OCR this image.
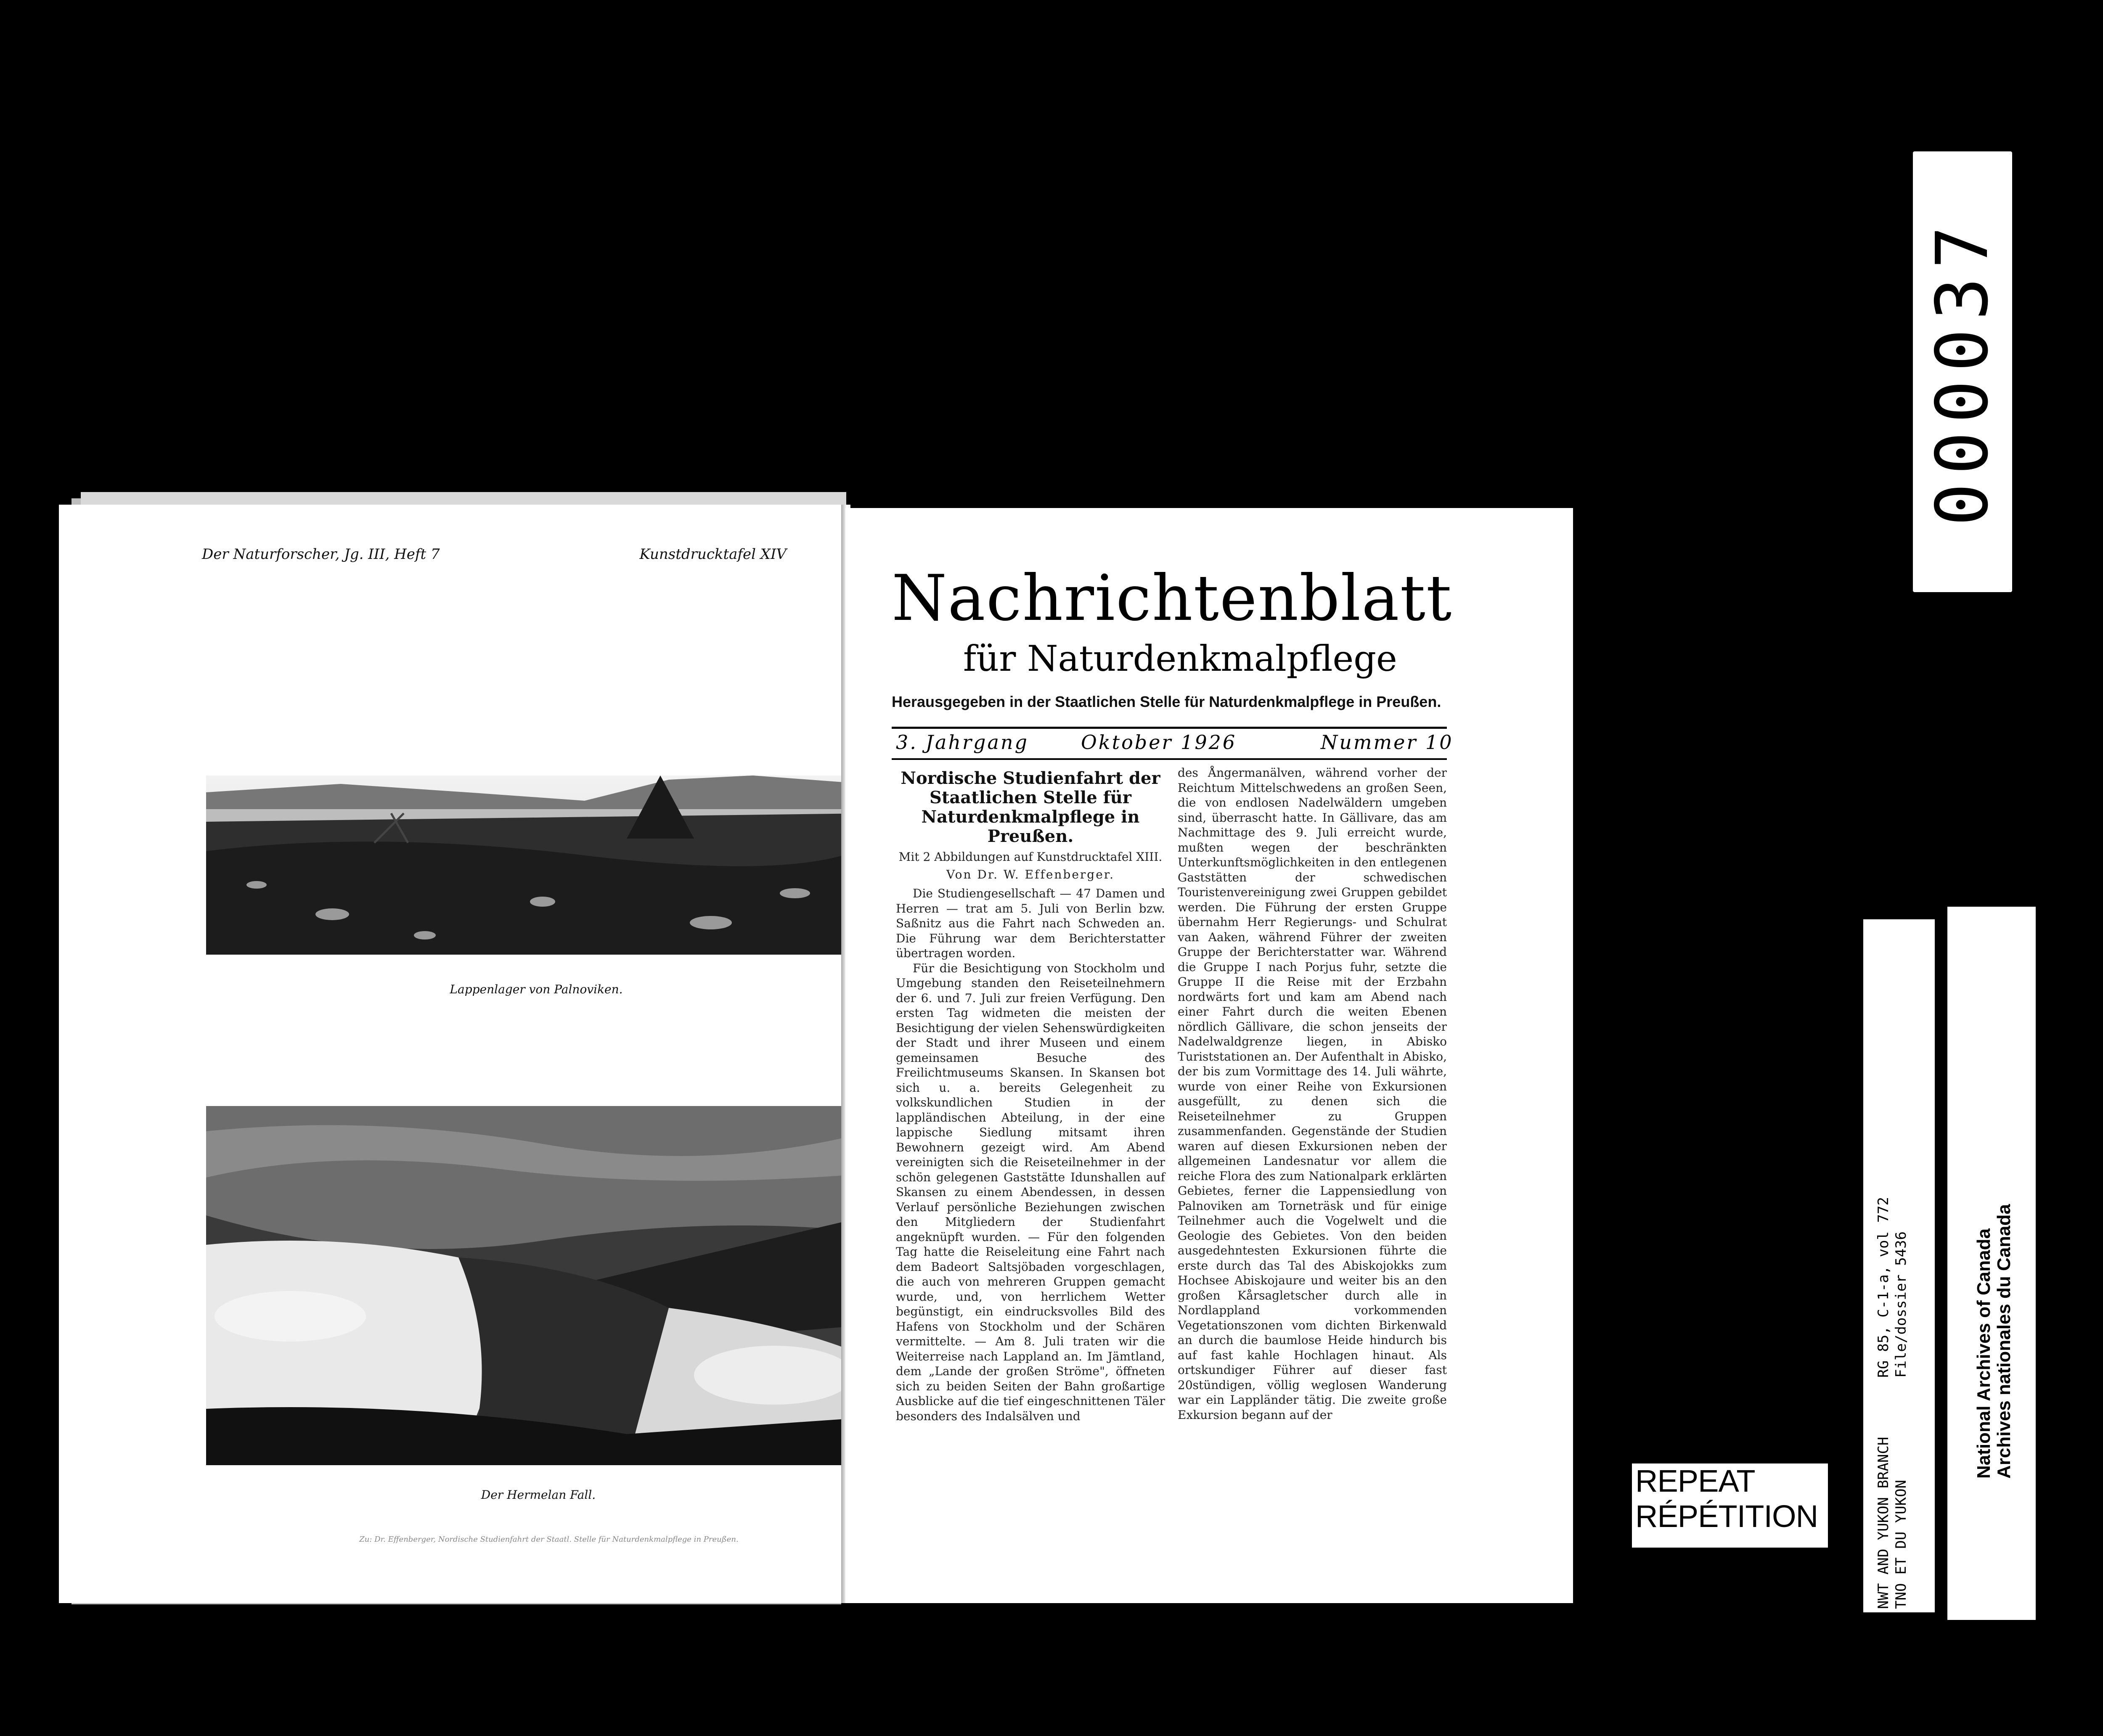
Der Naturforscher, Jg. III, Heft 7	Kunstdrucktafel XIV
Lappenlager von Palnoviken.
Der Hermelan Fall.
Zu: Dr. Effenberger, Nordische Studienfahrt der Staatl. Stelle für Naturdenkmalpflege in Preußen.
Nachrichtenblatt
für Naturdenkmalpflege
Herausgegeben in der Staatlichen Stelle für Naturdenkmalpflege in Preußen.
3. Jahrgang	Oktober 1926	Nummer 10

Nordische Studienfahrt der Staatlichen Stelle für Naturdenkmalpflege in Preußen.

Mit 2 Abbildungen auf Kunstdrucktafel XIII.

Von Dr. W. Effenberger.

Die Studiengesellschaft — 47 Damen und Herren — trat am 5. Juli von Berlin bzw. Saßnitz aus die Fahrt nach Schweden an. Die Führung war dem Berichterstatter übertragen worden.

Für die Besichtigung von Stockholm und Umgebung standen den Reiseteilnehmern der 6. und 7. Juli zur freien Verfügung. Den ersten Tag widmeten die meisten der Besichtigung der vielen Sehenswürdigkeiten der Stadt und ihrer Museen und einem gemeinsamen Besuche des Freilichtmuseums Skansen. In Skansen bot sich u. a. bereits Gelegenheit zu volkskundlichen Studien in der lappländischen Abteilung, in der eine lappische Siedlung mitsamt ihren Bewohnern gezeigt wird. Am Abend vereinigten sich die Reiseteilnehmer in der schön gelegenen Gaststätte Idunshallen auf Skansen zu einem Abendessen, in dessen Verlauf persönliche Beziehungen zwischen den Mitgliedern der Studienfahrt angeknüpft wurden. — Für den folgenden Tag hatte die Reiseleitung eine Fahrt nach dem Badeort Saltsjöbaden vorgeschlagen, die auch von mehreren Gruppen gemacht wurde, und, von herrlichem Wetter begünstigt, ein eindrucksvolles Bild des Hafens von Stockholm und der Schären vermittelte. — Am 8. Juli traten wir die Weiterreise nach Lappland an. Im Jämtland, dem „Lande der großen Ströme", öffneten sich zu beiden Seiten der Bahn großartige Ausblicke auf die tief eingeschnittenen Täler besonders des Indalsälven und

des Ångermanälven, während vorher der Reichtum Mittelschwedens an großen Seen, die von endlosen Nadelwäldern umgeben sind, überrascht hatte. In Gällivare, das am Nachmittage des 9. Juli erreicht wurde, mußten wegen der beschränkten Unterkunftsmöglichkeiten in den entlegenen Gaststätten der schwedischen Touristenvereinigung zwei Gruppen gebildet werden. Die Führung der ersten Gruppe übernahm Herr Regierungs- und Schulrat van Aaken, während Führer der zweiten Gruppe der Berichterstatter war. Während die Gruppe I nach Porjus fuhr, setzte die Gruppe II die Reise mit der Erzbahn nordwärts fort und kam am Abend nach einer Fahrt durch die weiten Ebenen nördlich Gällivare, die schon jenseits der Nadelwaldgrenze liegen, in Abisko Turiststationen an. Der Aufenthalt in Abisko, der bis zum Vormittage des 14. Juli währte, wurde von einer Reihe von Exkursionen ausgefüllt, zu denen sich die Reiseteilnehmer zu Gruppen zusammenfanden. Gegenstände der Studien waren auf diesen Exkursionen neben der allgemeinen Landesnatur vor allem die reiche Flora des zum Nationalpark erklärten Gebietes, ferner die Lappensiedlung von Palnoviken am Torneträsk und für einige Teilnehmer auch die Vogelwelt und die Geologie des Gebietes. Von den beiden ausgedehntesten Exkursionen führte die erste durch das Tal des Abiskojokks zum Hochsee Abiskojaure und weiter bis an den großen Kårsagletscher durch alle in Nordlappland vorkommenden Vegetationszonen vom dichten Birkenwald an durch die baumlose Heide hindurch bis auf fast kahle Hochlagen hinaut. Als ortskundiger Führer auf dieser fast 20stündigen, völlig weglosen Wanderung war ein Lappländer tätig. Die zweite große Exkursion begann auf der

000037
REPEAT
RÉPÉTITION
RG 85, C-1-a, vol 772 File/dossier 5436
NWT AND YUKON BRANCH TNO ET DU YUKON
National Archives of Canada Archives nationales du Canada
